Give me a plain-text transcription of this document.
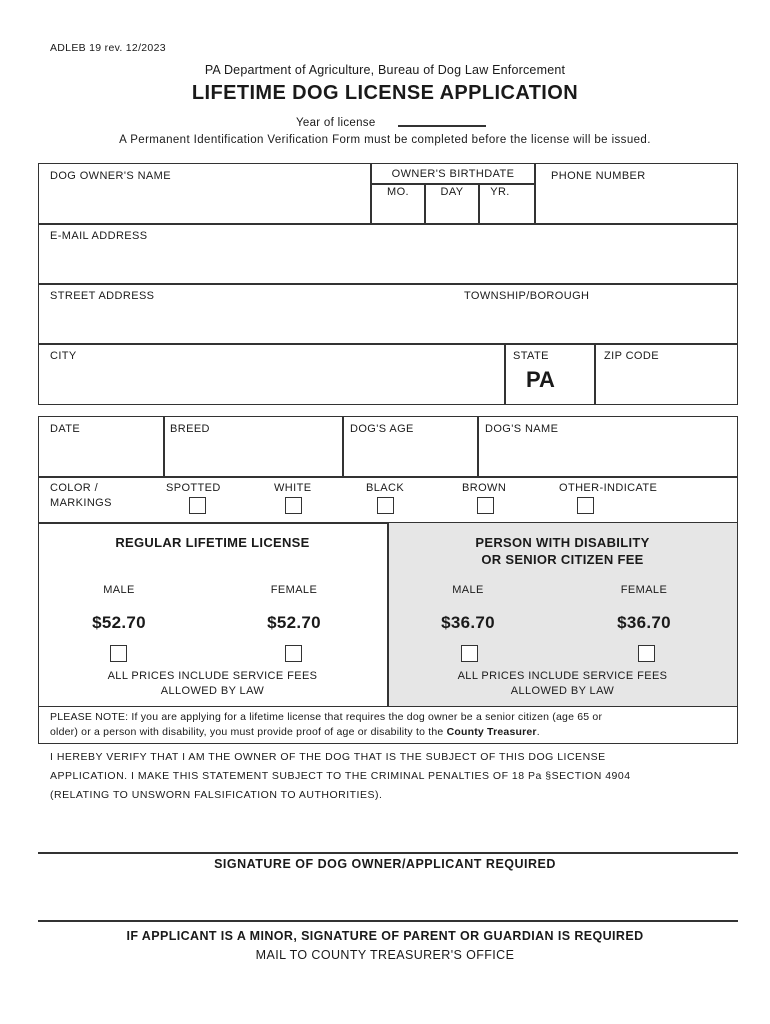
ADLEB 19 rev. 12/2023
PA Department of Agriculture, Bureau of Dog Law Enforcement
LIFETIME DOG LICENSE APPLICATION
Year of license
A Permanent Identification Verification Form must be completed before the license will be issued.
DOG OWNER'S NAME	OWNER'S BIRTHDATE
MO.	DAY	YR.
PHONE NUMBER
E-MAIL ADDRESS
STREET ADDRESS	TOWNSHIP/BOROUGH
CITY	STATE
PA
ZIP CODE
DATE	BREED	DOG'S AGE	DOG'S NAME
COLOR /
MARKINGS
SPOTTED	WHITE	BLACK	BROWN	OTHER-INDICATE
REGULAR LIFETIME LICENSE
MALE	FEMALE
$52.70	$52.70
ALL PRICES INCLUDE SERVICE FEES
ALLOWED BY LAW
PERSON WITH DISABILITY
OR SENIOR CITIZEN FEE
MALE	FEMALE
$36.70	$36.70
ALL PRICES INCLUDE SERVICE FEES
ALLOWED BY LAW
PLEASE NOTE: If you are applying for a lifetime license that requires the dog owner be a senior citizen (age 65 or
older) or a person with disability, you must provide proof of age or disability to the County Treasurer.
I HEREBY VERIFY THAT I AM THE OWNER OF THE DOG THAT IS THE SUBJECT OF THIS DOG LICENSE
APPLICATION. I MAKE THIS STATEMENT SUBJECT TO THE CRIMINAL PENALTIES OF 18 Pa §SECTION 4904
(RELATING TO UNSWORN FALSIFICATION TO AUTHORITIES).
SIGNATURE OF DOG OWNER/APPLICANT REQUIRED
IF APPLICANT IS A MINOR, SIGNATURE OF PARENT OR GUARDIAN IS REQUIRED
MAIL TO COUNTY TREASURER'S OFFICE
